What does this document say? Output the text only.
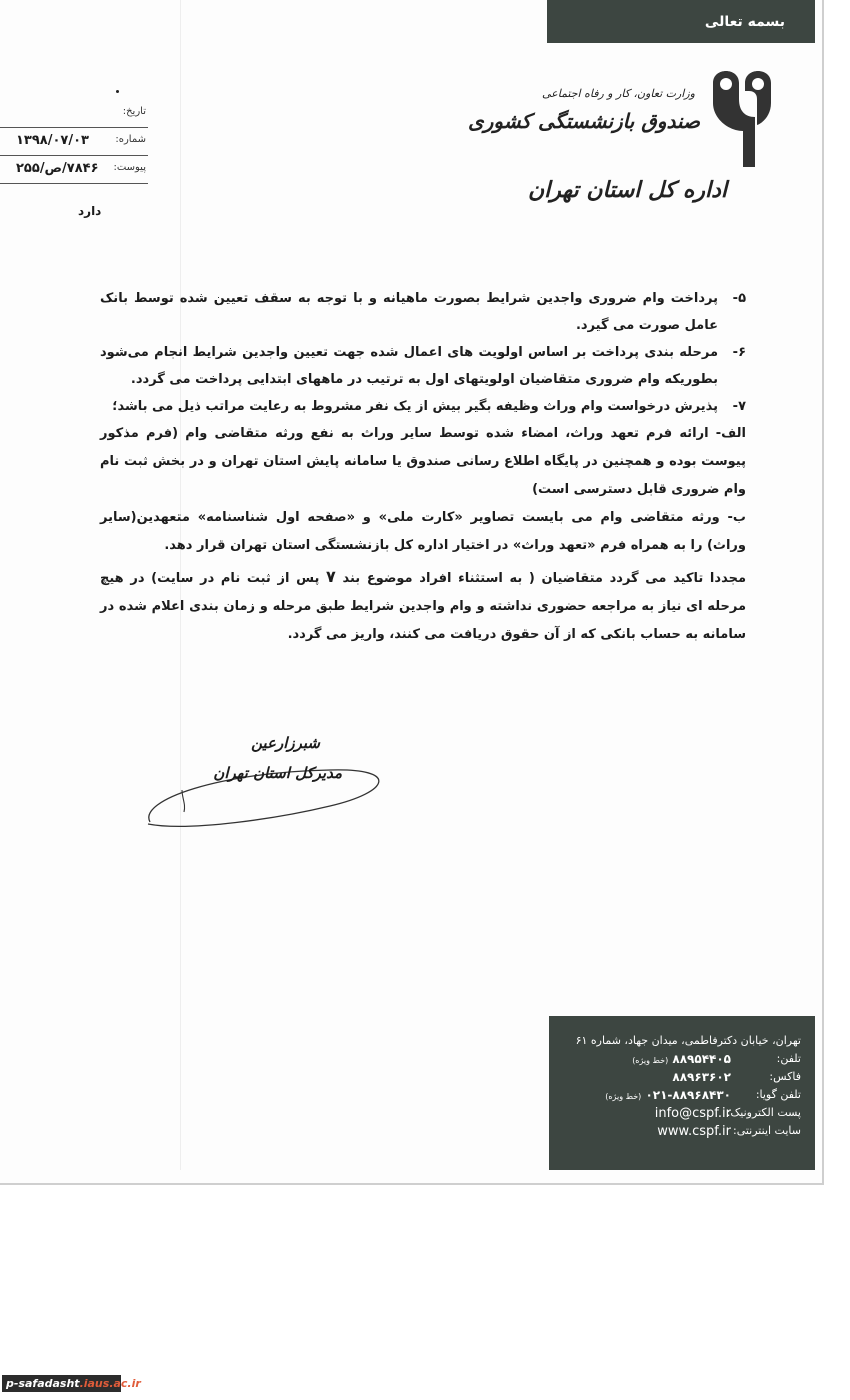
بسمه تعالی
وزارت تعاون، کار و رفاه اجتماعی
صندوق بازنشستگی کشوری
اداره کل استان تهران
تاریخ:
شماره:
۱۳۹۸/۰۷/۰۳
پیوست:
۷۸۴۶/ص/۲۵۵
دارد
۵-
پرداخت وام ضروری واجدین شرایط بصورت ماهیانه و با توجه به سقف تعیین شده توسط بانک عامل صورت می گیرد.
۶-
مرحله بندی پرداخت بر اساس اولویت های اعمال شده جهت تعیین واجدین شرایط انجام می‌شود بطوریکه وام ضروری متقاضیان اولویتهای اول به ترتیب در ماههای ابتدایی پرداخت می گردد.
۷-
پذیرش درخواست وام وراث وظیفه بگیر بیش از یک نفر مشروط به رعایت مراتب ذیل می باشد؛

الف- ارائه فرم تعهد وراث، امضاء شده توسط سایر وراث به نفع ورثه متقاضی وام (فرم مذکور پیوست بوده و همچنین در پایگاه اطلاع رسانی صندوق یا سامانه پایش استان تهران و در بخش ثبت نام وام ضروری قابل دسترسی است)

ب- ورثه متقاضی وام می بایست تصاویر «کارت ملی» و «صفحه اول شناسنامه» متعهدین(سایر وراث) را به همراه فرم «تعهد وراث» در اختیار اداره کل بازنشستگی استان تهران قرار دهد.

مجددا تاکید می گردد متقاضیان ( به استثناء افراد موضوع بند ۷ پس از ثبت نام در سایت) در هیچ مرحله ای نیاز به مراجعه حضوری نداشته و وام واجدین شرایط طبق مرحله و زمان بندی اعلام شده در سامانه به حساب بانکی که از آن حقوق دریافت می کنند، واریز می گردد.

شبرزارعین
مدیرکل استان تهران
تهران، خیابان دکترفاطمی، میدان جهاد، شماره ۶۱
تلفن:
۸۸۹۵۴۴۰۵ (خط ویژه)
فاکس:
۸۸۹۶۳۶۰۲
تلفن گویا:
۰۲۱-۸۸۹۶۸۴۳۰ (خط ویژه)
پست الکترونیک:
info@cspf.ir
سایت اینترنتی:
www.cspf.ir
p-safadasht.iaus.ac.ir
